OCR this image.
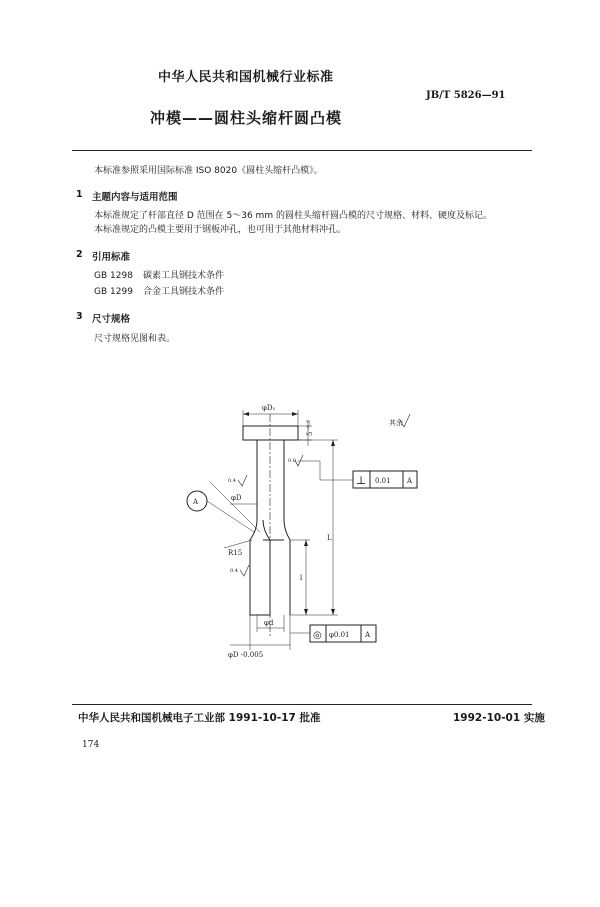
中华人民共和国机械行业标准
JB/T 5826—91
冲模——圆柱头缩杆圆凸模
本标准参照采用国际标准 ISO 8020《圆柱头缩杆凸模》。
1 主题内容与适用范围
本标准规定了杆部直径 D 范围在 5～36 mm 的圆柱头缩杆圆凸模的尺寸规格、材料、硬度及标记。
本标准规定的凸模主要用于钢板冲孔，也可用于其他材料冲孔。
2 引用标准
GB 1298 碳素工具钢技术条件
GB 1299 合金工具钢技术条件
3 尺寸规格
尺寸规格见图和表。
φD₁
5⁻⁰·²	其余
φD
R15
l
L
φd
φD -0.005
A
⊥ 0.01 A
◎ φ0.01 A
0.8
0.4
0.4
中华人民共和国机械电子工业部 1991-10-17 批准	1992-10-01 实施
174
